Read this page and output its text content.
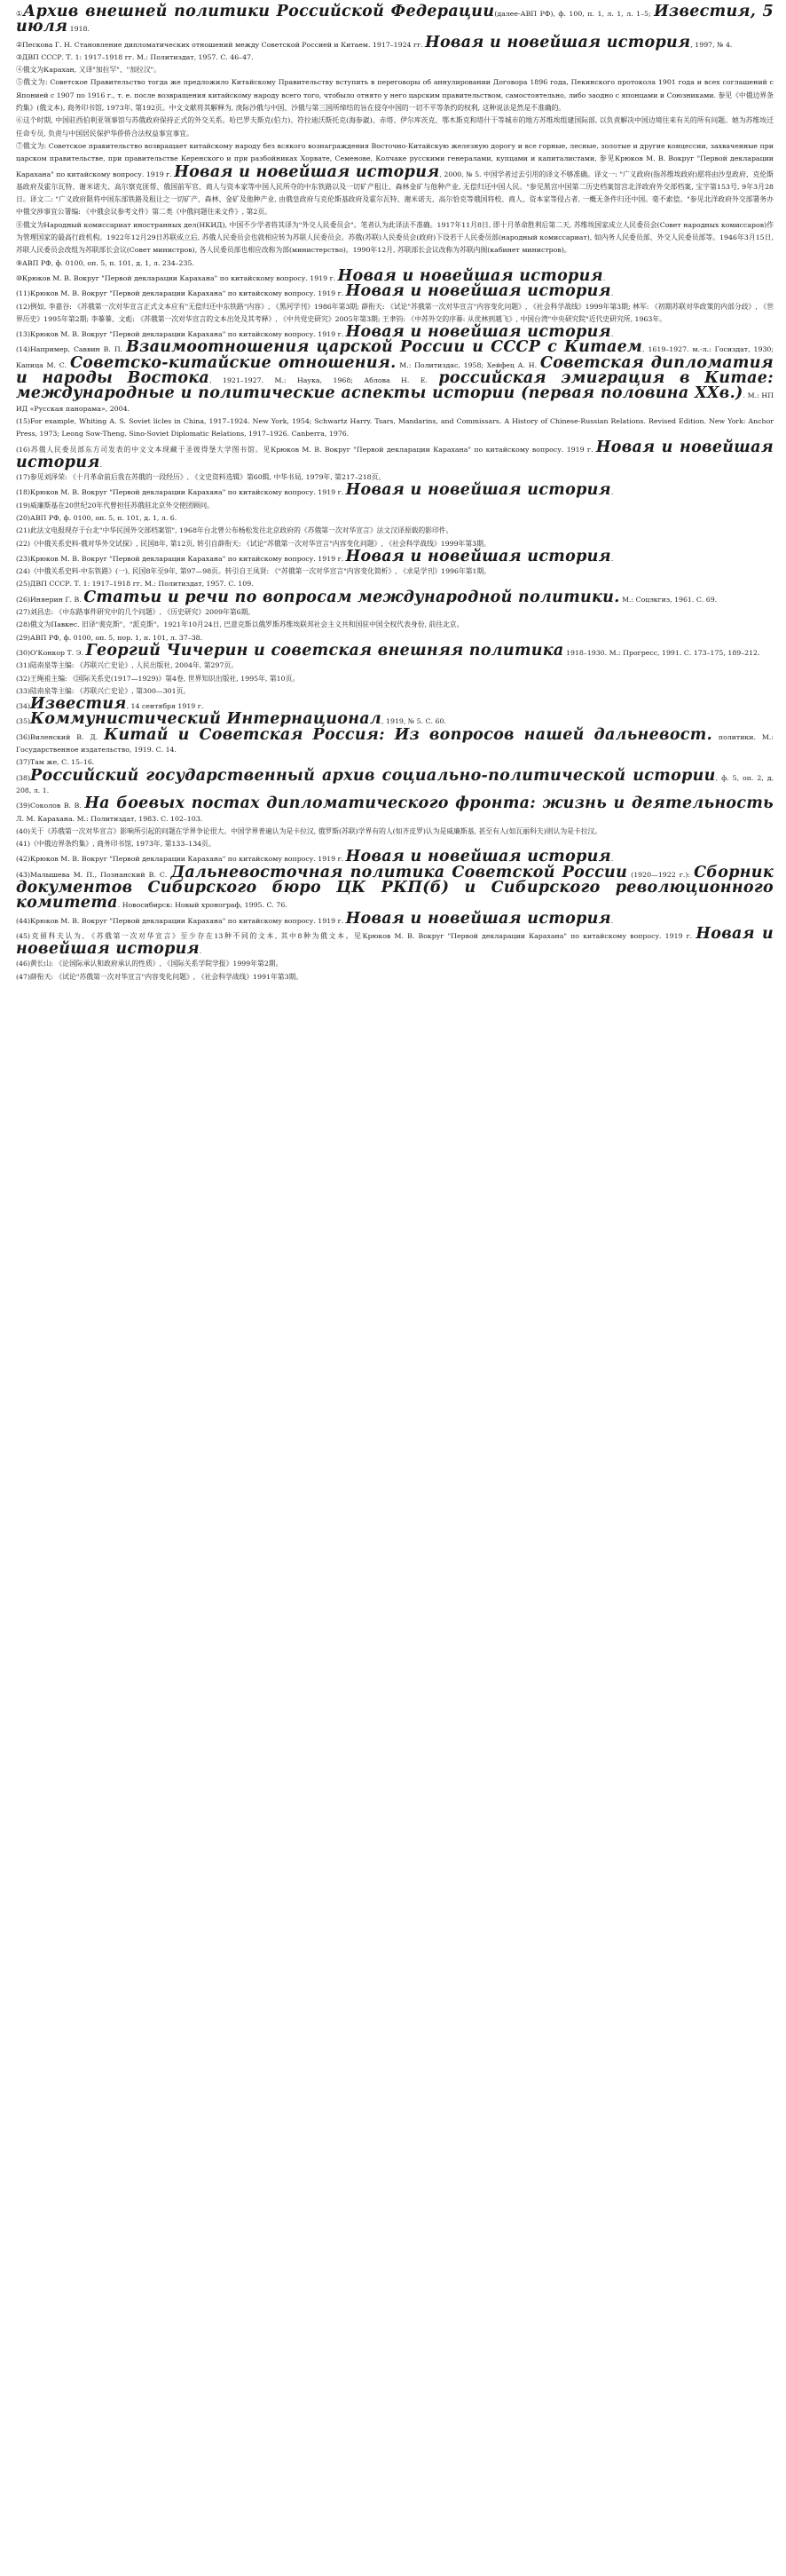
①Архив внешней политики Российской Федерации(далее-АВП РФ), ф. 100, п. 1, л. 1, л. 1–5; Известия, 5 июля 1918.

②Пескова Г. Н. Становление дипломатических отношений между Советской Россией и Китаем. 1917–1924 гг. Новая и новейшая история, 1997, № 4.

③ДВП СССР. Т. 1: 1917–1918 гг. М.: Политиздат, 1957. С. 46–47.

④俄文为Карахан, 又译"加拉罕"、"加拉汉"。

⑤俄文为: Советское Правительство тогда же предложило Китайскому Правительству вступить в переговоры об аннулировании Договора 1896 года, Пекинского протокола 1901 года и всех соглашений с Японией с 1907 по 1916 г., т. е. после возвращения китайскому народу всего того, чтобыло отнято у него царским правительством, самостоятельно, либо заодно с японцами и Союзниками. 参见《中俄边界条约集》(俄文本), 商务印书馆, 1973年, 第192页。中文文献将其解释为, 庚际沙俄与中国、沙俄与第三国所缔结的旨在侵夺中国的一切不平等条约的权利, 这种说法是然是不准确的。

⑥这个时期, 中国驻西伯利亚领事馆与苏俄政府保持正式的外交关系。哈巴罗夫斯克(伯力)、符拉迪沃斯托克(海参崴)、赤塔、伊尔库茨克、鄂木斯克和塔什干等城市的地方苏维埃组建国际部, 以负责解决中国边境往来有关的所有问题。她为苏维埃迁任命专员, 负责与中国居民保护华侨侨合法权益事宜事宜。

⑦俄文为: Советское правительство возвращает китайскому народу без всякого вознаграждения Восточно-Китайскую железную дорогу и все горные, лесные, золотые и другие концессии, захваченные при царском правительстве, при правительстве Керенского и при разбойниках Хорвате, Семенове, Колчаке русскими генералами, купцами и капиталистами, 参见Крюков М. В. Вокруг "Первой декларации Карахана" по китайскому вопросу. 1919 г. Новая и новейшая история, 2000, № 5. 中国学者过去引用的译文不够准确。译文一: "广义政府(指苏维埃政府)愿将由沙皇政府、克伦斯基政府及霍尔瓦特、谢米诺夫、高尔察克匪帮、俄国前军官、商人与资本家等中国人民所夺的中东铁路以及一切矿产租让、森林金矿与他种产业, 无偿归还中国人民。"参见黑宫中国第二历史档案馆宫北洋政府外交部档案, 宝字第153号, 9年3月28日。译文二: "广义政府限将中国东部铁路及租让之一切矿产、森林、金矿及他种产业, 由俄皇政府与克伦斯基政府及霍尔瓦特、谢米诺夫、高尔恰克等俄国将校、商人、资本家等侵占者, 一概无条件归还中国。毫不索偿。"参见北洋政府外交部署务办中俄交涉事宜公署编: 《中俄会议参考文件》第二类《中俄问题往来文件》, 第2页。

⑧俄文为Народный комиссариат иностранных дел(НКИД), 中国不少学者将其译为"外交人民委员会"。笔者认为此译法不准确。1917年11月8日, 即十月革命胜利后第二天, 苏维埃国家成立人民委员会(Совет народных комиссаров)作为管理国家的最高行政机构。1922年12月29日苏联成立后, 苏俄人民委员会也就相应转为苏联人民委员会。苏俄(苏联)人民委员会(政府)下设若干人民委员部(народный комиссариат), 如内务人民委员部、外交人民委员部等。1946年3月15日, 苏联人民委员会改组为苏联部长会议(Совет министров), 各人民委员部也相应改称为部(министерство)。1990年12月, 苏联部长会议改称为苏联内阁(кабинет министров)。

⑨АВП РФ, ф. 0100, оп. 5, п. 101, д. 1, л. 234–235.

⑩Крюков М. В. Вокруг "Первой декларации Карахана" по китайскому вопросу. 1919 г. Новая и новейшая история.

(11)Крюков М. В. Вокруг "Первой декларации Карахана" по китайскому вопросу. 1919 г. Новая и новейшая история.

(12)例如, 李嘉谷: 《苏俄第一次对华宣言正式文本应有"无偿归还中东铁路"内容》, 《黑河学刊》1986年第3期; 薛衔天: 《试论"苏俄第一次对华宣言"内容变化问题》, 《社会科学战线》1999年第3期; 林军: 《初期苏联对华政策的内部分歧》, 《世界历史》1995年第2期; 李蓁蓁、文彪: 《苏俄第一次对华宣言的文本出处及其考释》, 《中共党史研究》2005年第3期; 王聿钧: 《中苏外交的序幕: 从优林到越飞》, 中国台湾"中央研究院"近代史研究所, 1963年。

(13)Крюков М. В. Вокруг "Первой декларации Карахана" по китайскому вопросу. 1919 г. Новая и новейшая история.

(14)Например, Саввин В. П. Взаимоотношения царской России и СССР с Китаем, 1619–1927. м.-л.: Госиздат, 1930; Капица М. С. Советско-китайские отношения. М.: Политиздас, 1958; Хейфец А. Н. Советская дипломатия и народы Востока, 1921–1927. М.: Наука, 1968; Аблова Н. Е. российская эмиграция в Китае: международные и политические аспекты истории (первая половина ХХв.). М.: НП ИД «Русская панорама», 2004.

(15)For example, Whiting A. S. Soviet licles in China, 1917–1924. New York, 1954; Schwartz Harry. Tsars, Mandarins, and Commissars. A History of Chinese-Russian Relations. Revised Edition. New York: Anchor Press, 1973; Leong Sow-Theng. Sino-Soviet Diplomatic Relations, 1917–1926. Canberra, 1976.

(16)苏俄人民委员部东方司发表的中文文本现藏于圣彼得堡大学图书馆。见Крюков М. В. Вокруг "Первой декларации Карахана" по китайскому вопросу. 1919 г. Новая и новейшая история.

(17)参见刘泽荣: 《十月革命前后我在苏俄的一段经历》, 《文史资料选辑》第60辑, 中华书局, 1979年, 第217–218页。

(18)Крюков М. В. Вокруг "Первой декларации Карахана" по китайскому вопросу. 1919 г. Новая и новейшая история.

(19)威廉斯基在20世纪20年代曾担任苏俄驻北京外交使团顾问。

(20)АВП РФ, ф. 0100, оп. 5, п. 101, д. 1, л. 6.

(21)此法文电报现存于台北"中华民国外交部档案馆", 1968年台北曾公布杨松发往北京政府的《苏俄第一次对华宣言》法文汉译原载的影印件。

(22)《中俄关系史料·俄对华外交试探》, 民国8年, 第12页, 转引自薛衔天: 《试论"苏俄第一次对华宣言"内容变化问题》, 《社会科学战线》1999年第3期。

(23)Крюков М. В. Вокруг "Первой декларации Карахана" по китайскому вопросу. 1919 г. Новая и новейшая история.

(24)《中俄关系史料·中东铁路》(一), 民国8年至9年, 第97—98页。转引自王凤贤: 《"苏俄第一次对华宣言"内容变化简析》, 《求是学刊》1996年第1期。

(25)ДВП СССР. Т. 1: 1917–1918 гг. М.: Политиздат, 1957. С. 109.

(26)Иняерин Г. В. Статьи и речи по вопросам международной политики. М.: Соцэкгиз, 1961. С. 69.

(27)刘昌忠: 《中东路事件研究中的几个问题》, 《历史研究》2009年第6期。

(28)俄文为Павкес. 旧译"裴克斯"、"派克斯"。1921年10月24日, 巴意克斯以俄罗斯苏维埃联邦社会主义共和国驻中国全权代表身份, 前往北京。

(29)АВП РФ, ф. 0100, оп. 5, пор. 1, п. 101, л. 37–38.

(30)О'Конкор Т. Э. Георгий Чичерин и советская внешняя политика 1918–1930. М.: Прогресс, 1991. С. 173–175, 189–212.

(31)陆南泉等主编: 《苏联兴亡史论》, 人民出版社, 2004年, 第297页。

(32)王绳祖主编: 《国际关系史(1917—1929)》第4卷, 世界知识出版社, 1995年, 第10页。

(33)陆南泉等主编: 《苏联兴亡史论》, 第300—301页。

(34)Известия, 14 сентября 1919 г.

(35)Коммунистический Интернационал, 1919, № 5. С. 60.

(36)Виленский В. Д. Китай и Советская Россия: Из вопросов нашей дальневост. политики. М.: Государственное издательство, 1919. С. 14.

(37)Там же, С. 15–16.

(38)Российский государственный архив социально-политической истории, ф. 5, оп. 2, д. 208, л. 1.

(39)Соколов В. В. На боевых постах дипломатического фронта: жизнь и деятельность Л. М. Карахана. М.: Политиздат, 1983. С. 102–103.

(40)关于《苏俄第一次对华宣言》影响所引起的问题在学界争论很大。中国学界普遍认为是卡拉汉, 俄罗斯(苏联)学界有的人(如齐皮罗)认为是威廉斯基, 甚至有人(如瓦丽科夫)则认为是卡拉汉。

(41)《中俄边界条约集》, 商务印书馆, 1973年, 第133–134页。

(42)Крюков М. В. Вокруг "Первой декларации Карахана" по китайскому вопросу. 1919 г. Новая и новейшая история.

(43)Малышева М. П., Познанский В. С. Дальневосточная политика Советской России (1920—1922 г.): Сборник документов Сибирского бюро ЦК РКП(б) и Сибирского революционного комитета. Новосибирск: Новый хронограф, 1995. С. 76.

(44)Крюков М. В. Вокруг "Первой декларации Карахана" по китайскому вопросу. 1919 г. Новая и новейшая история.

(45)克留科夫认为, 《苏俄第一次对华宣言》至少存在13种不同的文本, 其中8种为俄文本。见Крюков М. В. Вокруг "Первой декларации Карахана" по китайскому вопросу. 1919 г. Новая и новейшая история.

(46)黄长山: 《论国际承认和政府承认的性质》, 《国际关系学院学报》1999年第2期。

(47)薛衔天: 《试论"苏俄第一次对华宣言"内容变化问题》, 《社会科学战线》1991年第3期。
